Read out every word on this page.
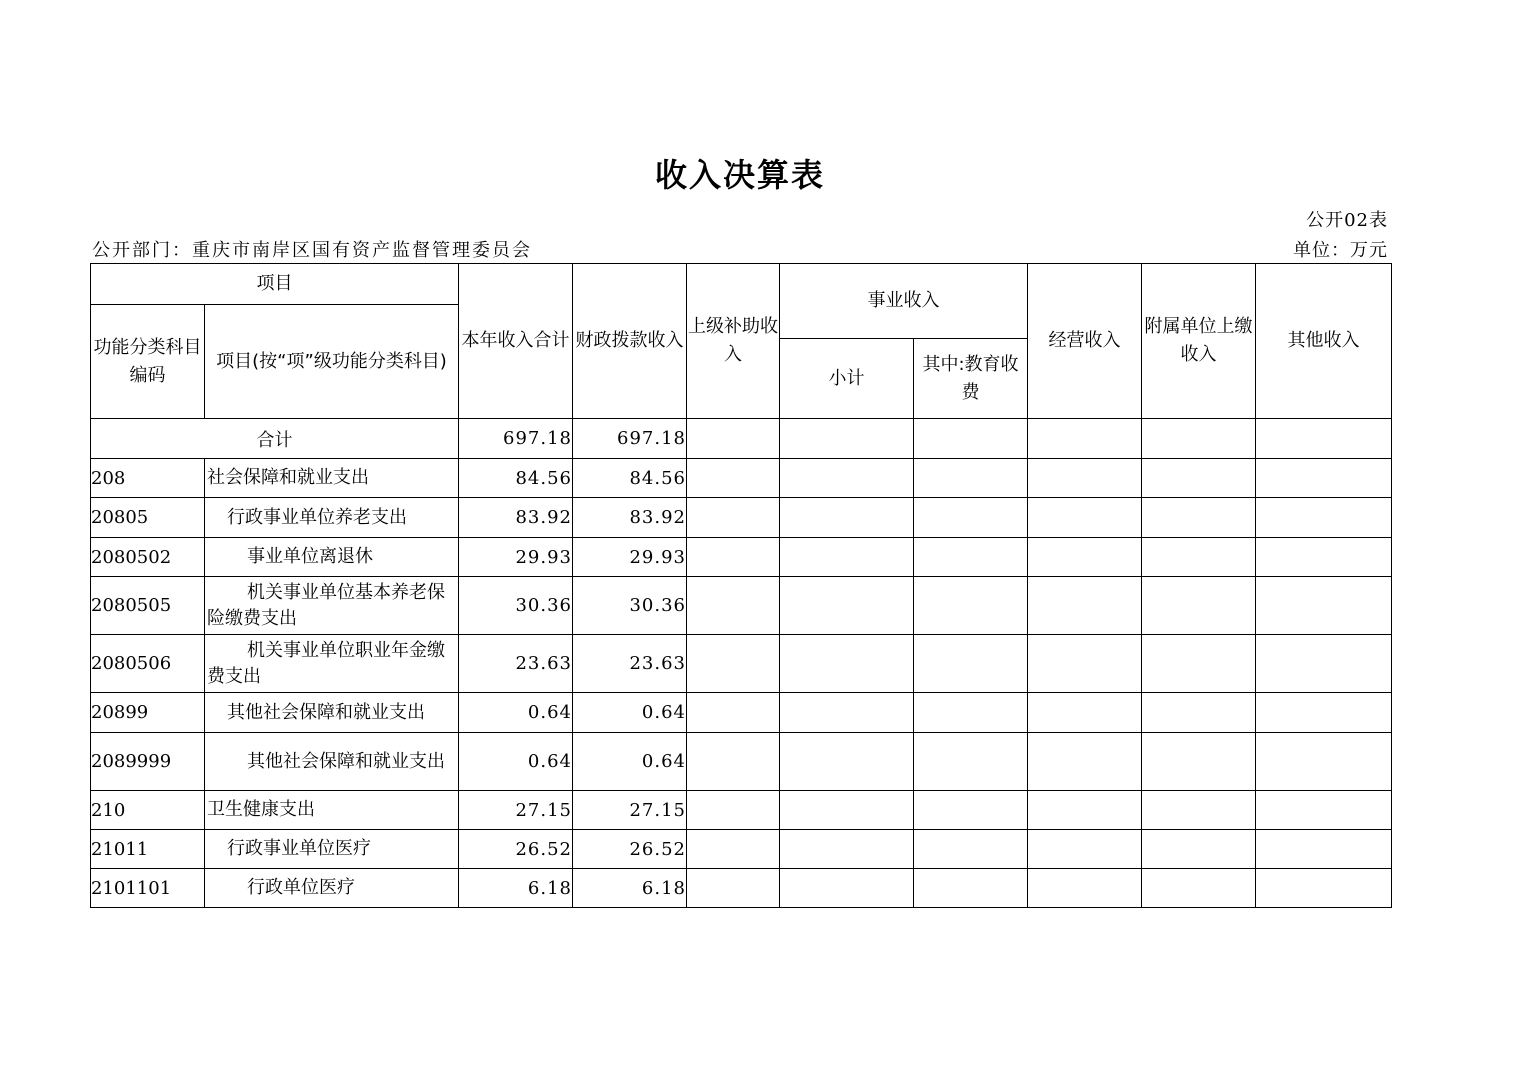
收入决算表
公开02表
单位：万元
公开部门：重庆市南岸区国有资产监督管理委员会
项目		本年收入合计	财政拨款收入	上级补助收入	事业收入		经营收入	附属单位上缴收入	其他收入
功能分类科目编码	项目(按“项”级功能分类科目)								
					小计	其中:教育收费			
合计		697.18	697.18						
208	社会保障和就业支出	84.56	84.56						
20805	行政事业单位养老支出	83.92	83.92						
2080502	事业单位离退休	29.93	29.93						
2080505	机关事业单位基本养老保险缴费支出	30.36	30.36						
2080506	机关事业单位职业年金缴费支出	23.63	23.63						
20899	其他社会保障和就业支出	0.64	0.64						
2089999	其他社会保障和就业支出	0.64	0.64						
210	卫生健康支出	27.15	27.15						
21011	行政事业单位医疗	26.52	26.52						
2101101	行政单位医疗	6.18	6.18						
